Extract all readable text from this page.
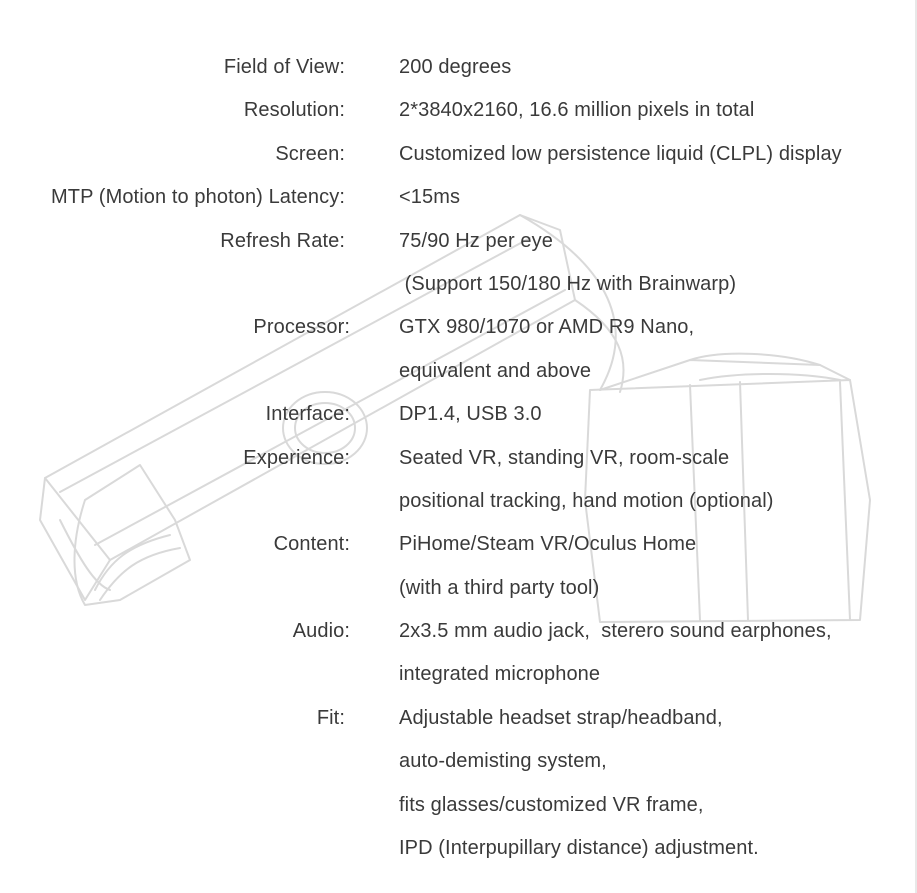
Field of View:	200 degrees
Resolution:	2*3840x2160, 16.6 million pixels in total
Screen:	Customized low persistence liquid (CLPL) display
MTP (Motion to photon) Latency:	<15ms
Refresh Rate:	75/90 Hz per eye
(Support 150/180 Hz with Brainwarp)
Processor: GTX 980/1070 or AMD R9 Nano,
equivalent and above
Interface: DP1.4, USB 3.0
Experience: Seated VR, standing VR, room-scale
positional tracking, hand motion (optional)
Content: PiHome/Steam VR/Oculus Home
(with a third party tool)
Audio: 2x3.5 mm audio jack,  sterero sound earphones,
integrated microphone
Fit:	Adjustable headset strap/headband,
auto-demisting system,
fits glasses/customized VR frame,
IPD (Interpupillary distance) adjustment.
